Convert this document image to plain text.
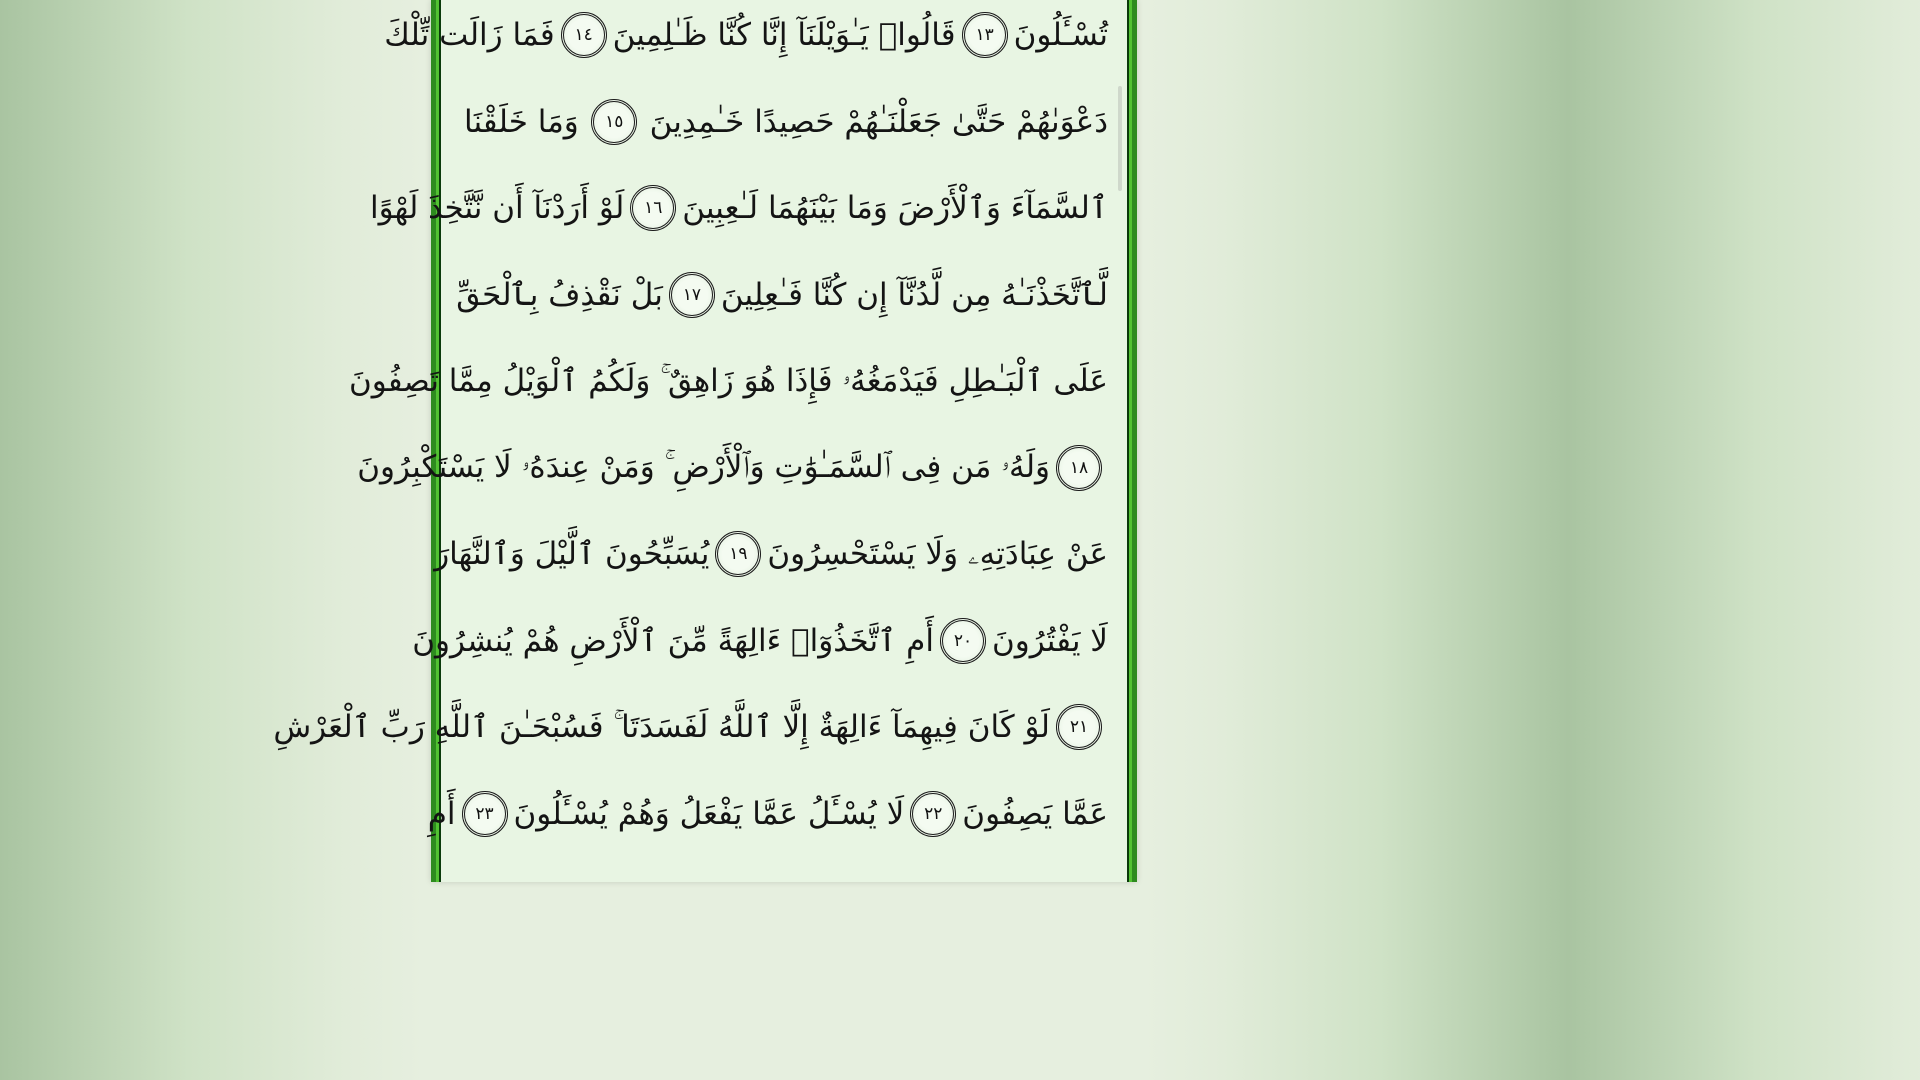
تُسْـَٔلُونَ
١٣
قَالُوا۟ يَـٰوَيْلَنَآ إِنَّا كُنَّا ظَـٰلِمِينَ
١٤
فَمَا زَالَت تِّلْكَ
دَعْوَىٰهُمْ حَتَّىٰ جَعَلْنَـٰهُمْ حَصِيدًا خَـٰمِدِينَ
١٥
وَمَا خَلَقْنَا
ٱلسَّمَآءَ وَٱلْأَرْضَ وَمَا بَيْنَهُمَا لَـٰعِبِينَ
١٦
لَوْ أَرَدْنَآ أَن نَّتَّخِذَ لَهْوًا
لَّٱتَّخَذْنَـٰهُ مِن لَّدُنَّآ إِن كُنَّا فَـٰعِلِينَ
١٧
بَلْ نَقْذِفُ بِٱلْحَقِّ
عَلَى ٱلْبَـٰطِلِ فَيَدْمَغُهُۥ فَإِذَا هُوَ زَاهِقٌ ۚ وَلَكُمُ ٱلْوَيْلُ مِمَّا تَصِفُونَ
١٨
وَلَهُۥ مَن فِى ٱلسَّمَـٰوَٰتِ وَٱلْأَرْضِ ۚ وَمَنْ عِندَهُۥ لَا يَسْتَكْبِرُونَ
عَنْ عِبَادَتِهِۦ وَلَا يَسْتَحْسِرُونَ
١٩
يُسَبِّحُونَ ٱلَّيْلَ وَٱلنَّهَارَ
لَا يَفْتُرُونَ
٢٠
أَمِ ٱتَّخَذُوٓا۟ ءَالِهَةً مِّنَ ٱلْأَرْضِ هُمْ يُنشِرُونَ
٢١
لَوْ كَانَ فِيهِمَآ ءَالِهَةٌ إِلَّا ٱللَّهُ لَفَسَدَتَا ۚ فَسُبْحَـٰنَ ٱللَّهِ رَبِّ ٱلْعَرْشِ
عَمَّا يَصِفُونَ
٢٢
لَا يُسْـَٔلُ عَمَّا يَفْعَلُ وَهُمْ يُسْـَٔلُونَ
٢٣
أَمِ
